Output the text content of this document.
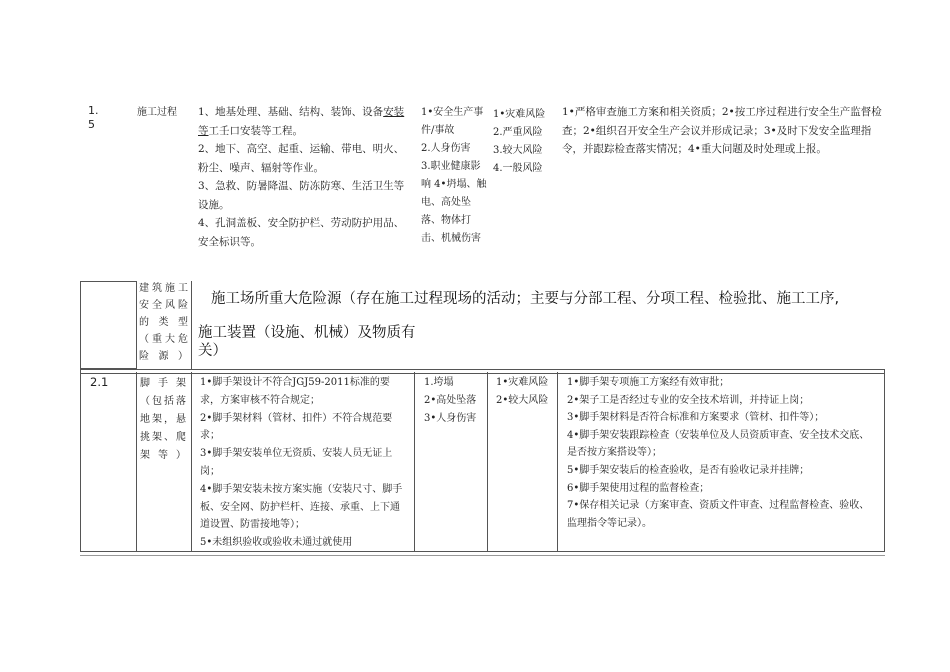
1.
5
施工过程	1、地基处理、基础、结构、装饰、设备安装等工壬口安装等工程。
2、地下、高空、起重、运输、带电、明火、粉尘、噪声、辐射等作业。
3、急救、防暑降温、防冻防寒、生活卫生等设施。
4、孔洞盖板、安全防护栏、劳动防护用品、安全标识等。
1•安全生产事件/事故
2.人身伤害
3.职业健康影响 4•坍塌、触电、高处坠落、物体打击、机械伤害
1•灾难风险
2.严重风险
3.较大风险
4.一般风险
1•严格审查施工方案和相关资质；2•按工序过程进行安全生产监督检查；2•组织召开安全生产会议并形成记录；3•及时下发安全监理指令，并跟踪检查落实情况；4•重大问题及时处理或上报。
建筑施工安全风险的类型（重大危险源）
施工场所重大危险源（存在施工过程现场的活动；主要与分部工程、分项工程、检验批、施工工序,
施工装置（设施、机械）及物质有
关）
2.1	脚手架（包括落地架，悬挑架、爬架等）
1•脚手架设计不符合JGJ59-2011标准的要求，方案审核不符合规定；
2•脚手架材料（管材、扣件）不符合规范要求；
3•脚手架安装单位无资质、安装人员无证上岗；
4•脚手架安装未按方案实施（安装尺寸、脚手板、安全网、防护栏杆、连接、承重、上下通道设置、防雷接地等）；
5•未组织验收或验收未通过就使用
1.垮塌
2•高处坠落
3•人身伤害
1•灾难风险
2•较大风险
1•脚手架专项施工方案经有效审批；
2•架子工是否经过专业的安全技术培训，并持证上岗；
3•脚手架材料是否符合标准和方案要求（管材、扣件等）；
4•脚手架安装跟踪检查（安装单位及人员资质审查、安全技术交底、是否按方案搭设等）；
5•脚手架安装后的检查验收，是否有验收记录并挂牌；
6•脚手架使用过程的监督检查；
7•保存相关记录（方案审查、资质文件审查、过程监督检查、验收、监理指令等记录）。
